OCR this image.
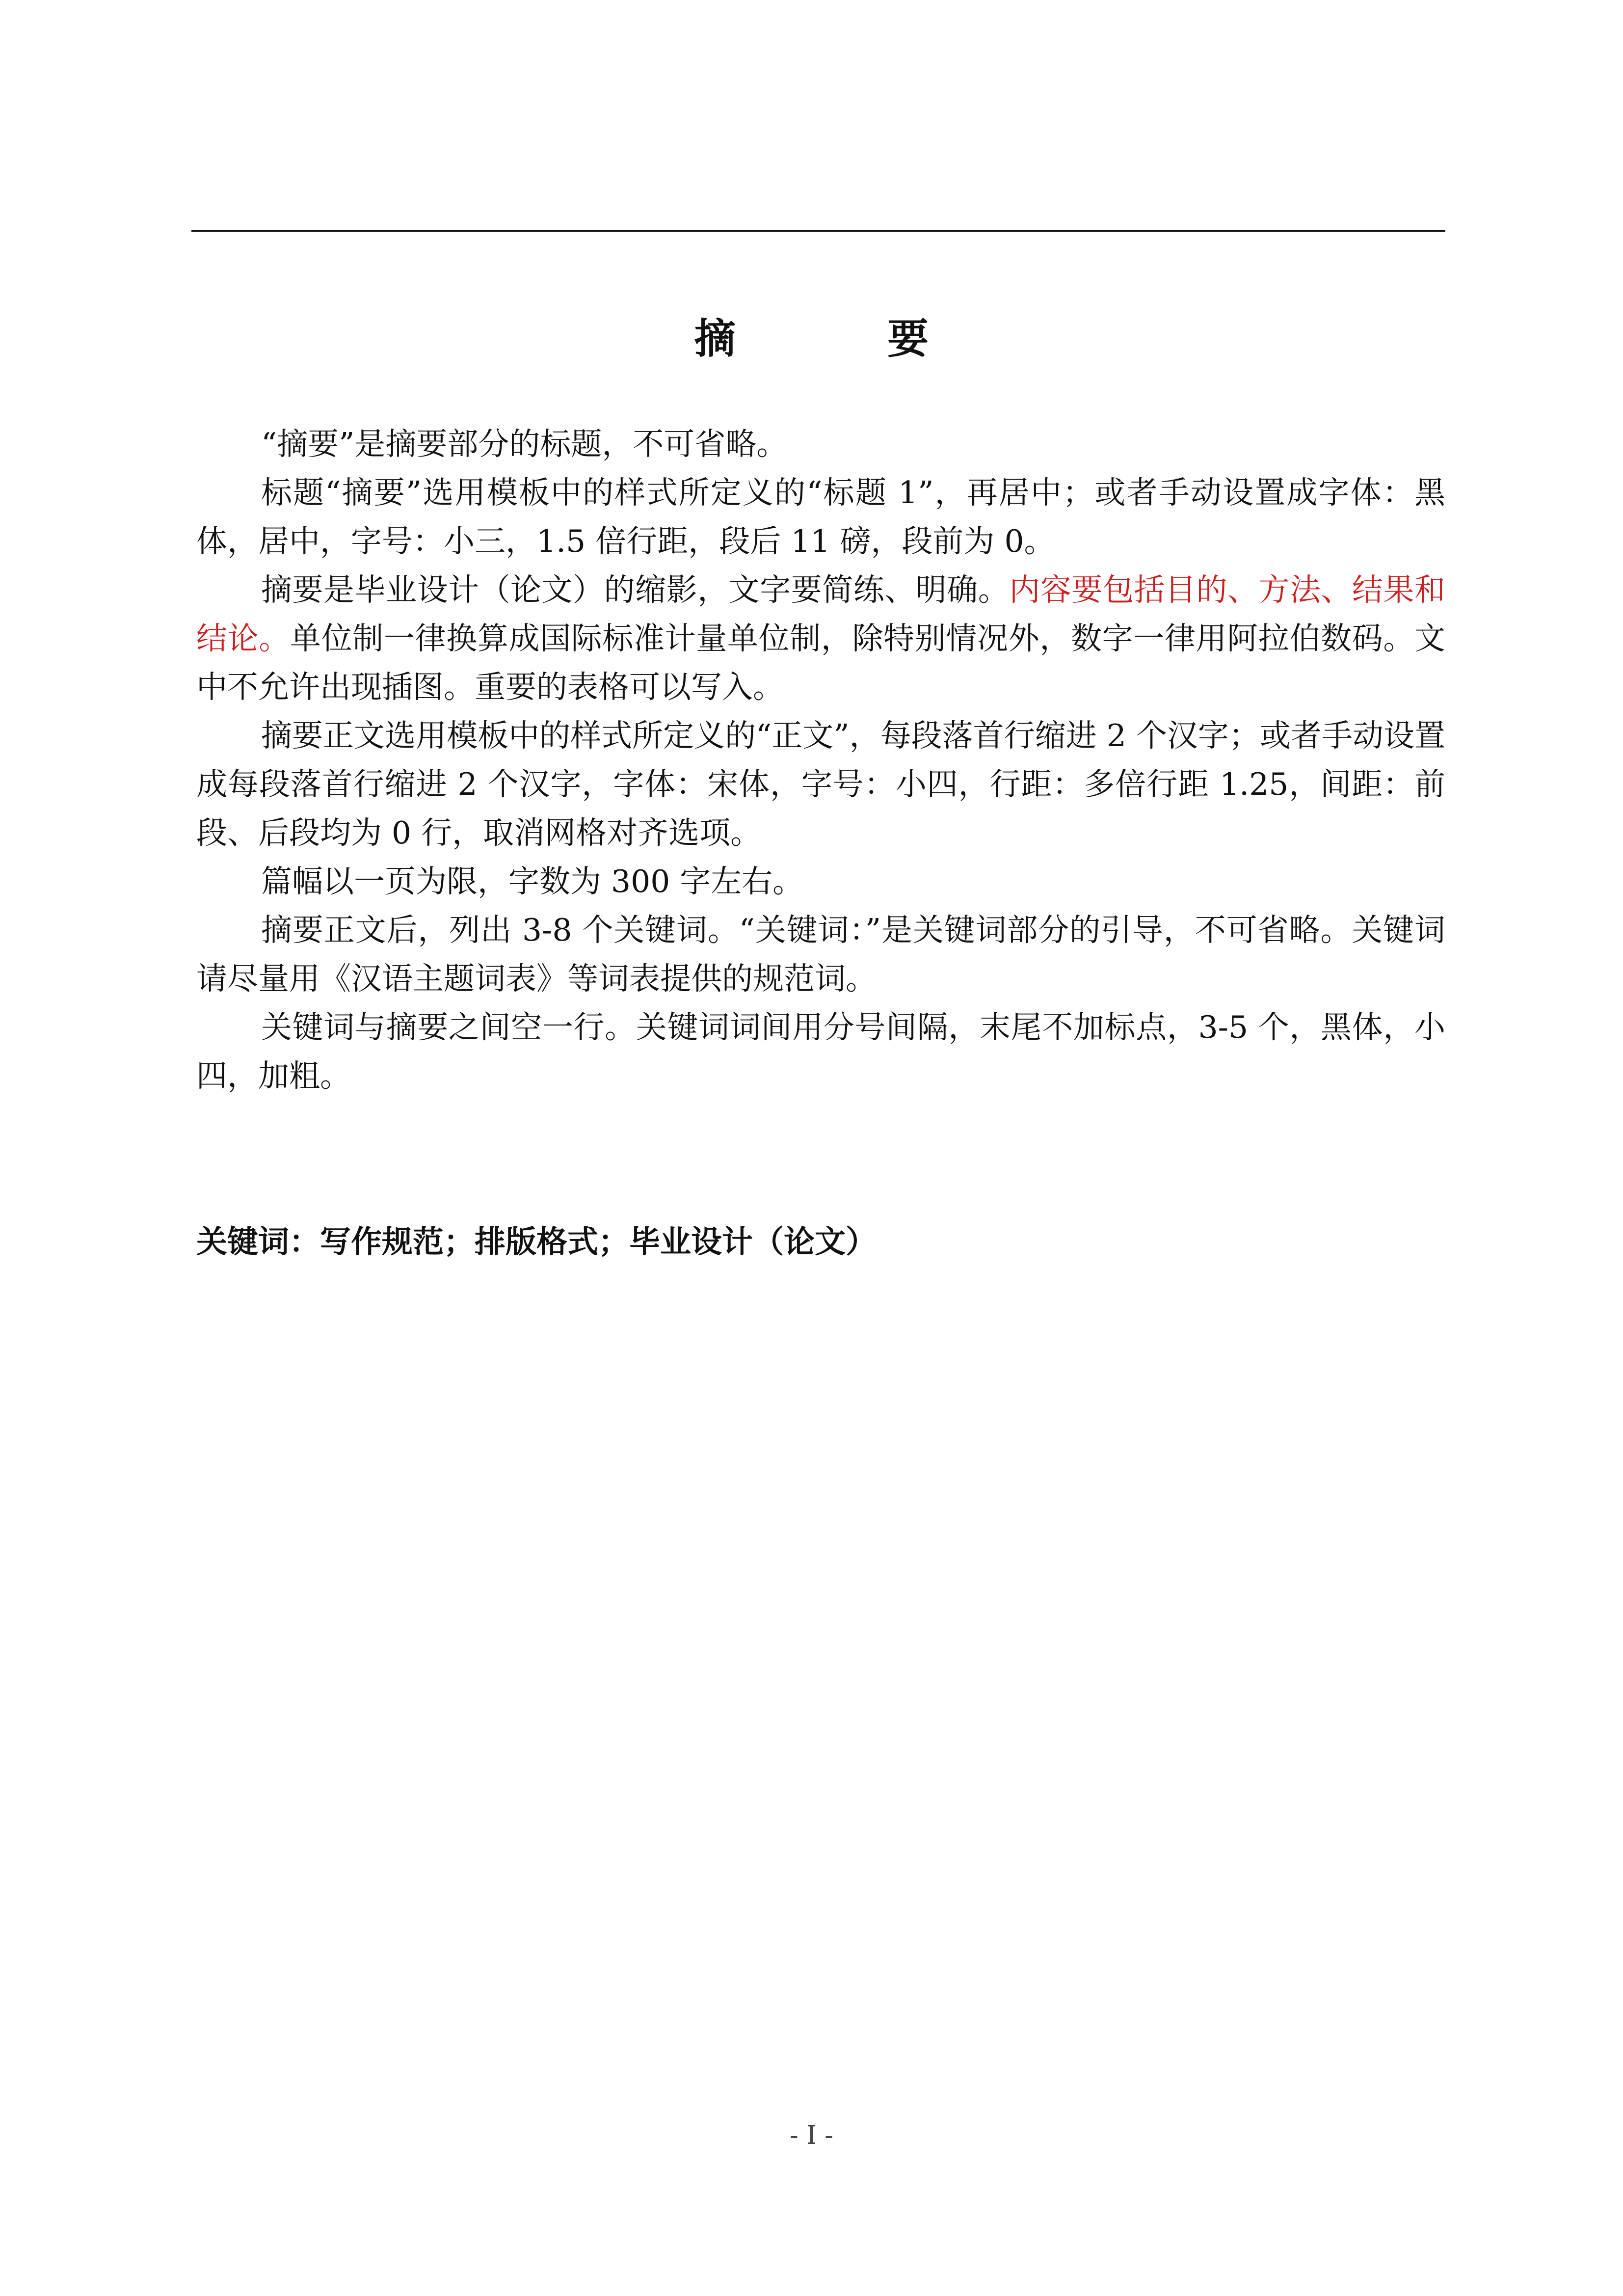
摘 要

“摘要”是摘要部分的标题，不可省略。

标题“摘要”选用模板中的样式所定义的“标题 1”，再居中；或者手动设置成字体：黑体，居中，字号：小三，1.5 倍行距，段后 11 磅，段前为 0。

摘要是毕业设计（论文）的缩影，文字要简练、明确。内容要包括目的、方法、结果和结论。单位制一律换算成国际标准计量单位制，除特别情况外，数字一律用阿拉伯数码。文中不允许出现插图。重要的表格可以写入。

摘要正文选用模板中的样式所定义的“正文”，每段落首行缩进 2 个汉字；或者手动设置成每段落首行缩进 2 个汉字，字体：宋体，字号：小四，行距：多倍行距 1.25，间距：前段、后段均为 0 行，取消网格对齐选项。

篇幅以一页为限，字数为 300 字左右。

摘要正文后，列出 3-8 个关键词。“关键词：”是关键词部分的引导，不可省略。关键词请尽量用《汉语主题词表》等词表提供的规范词。

关键词与摘要之间空一行。关键词词间用分号间隔，末尾不加标点，3-5 个，黑体，小四，加粗。

关键词：写作规范；排版格式；毕业设计（论文）
- I -
